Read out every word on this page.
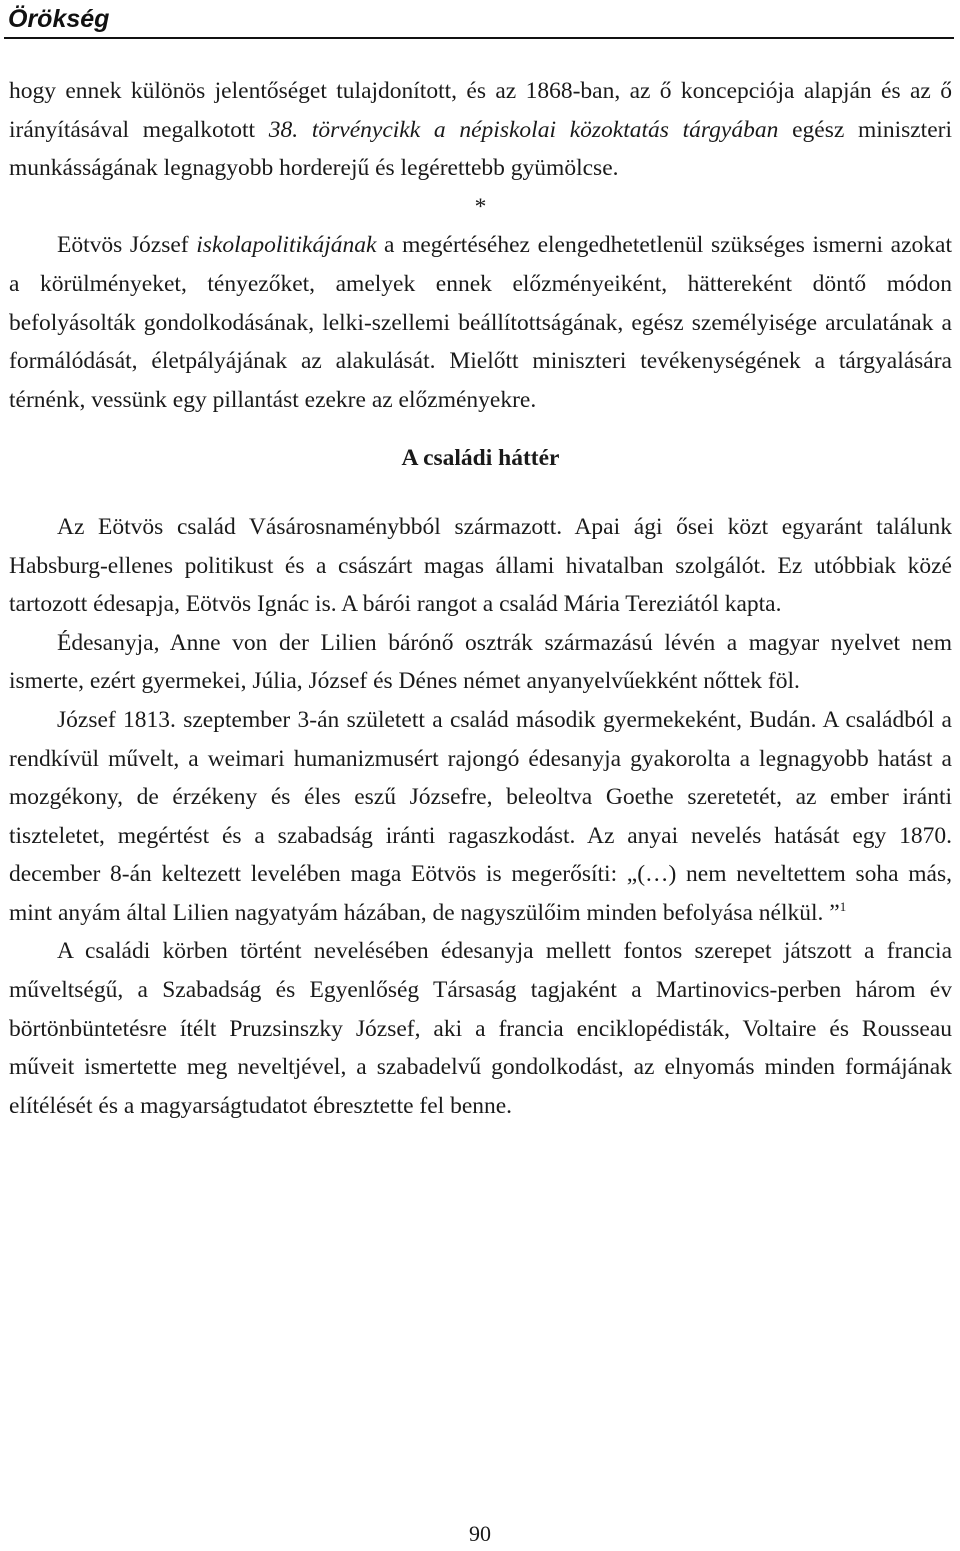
Örökség

hogy ennek különös jelentőséget tulajdonított, és az 1868-ban, az ő koncepciója alapján és az ő irányításával megalkotott 38. törvénycikk a népiskolai közoktatás tárgyában egész miniszteri munkásságának legnagyobb horderejű és legérettebb gyümölcse.

*

Eötvös József iskolapolitikájának a megértéséhez elengedhetetlenül szükséges ismerni azokat a körülményeket, tényezőket, amelyek ennek előzményeiként, hättereként döntő módon befolyásolták gondolkodásának, lelki-szellemi beállítottságának, egész személyisége arculatának a formálódását, életpályájának az alakulását. Mielőtt miniszteri tevékenységének a tárgyalására térnénk, vessünk egy pillantást ezekre az előzményekre.

A családi háttér

Az Eötvös család Vásárosnaménybból származott. Apai ági ősei közt egyaránt találunk Habsburg-ellenes politikust és a császárt magas állami hivatalban szolgálót. Ez utóbbiak közé tartozott édesapja, Eötvös Ignác is. A bárói rangot a család Mária Tereziától kapta.

Édesanyja, Anne von der Lilien bárónő osztrák származású lévén a magyar nyelvet nem ismerte, ezért gyermekei, Júlia, József és Dénes német anyanyelvűekként nőttek föl.

József 1813. szeptember 3-án született a család második gyermekeként, Budán. A családból a rendkívül művelt, a weimari humanizmusért rajongó édesanyja gyakorolta a legnagyobb hatást a mozgékony, de érzékeny és éles eszű Józsefre, beleoltva Goethe szeretetét, az ember iránti tiszteletet, megértést és a szabadság iránti ragaszkodást. Az anyai nevelés hatását egy 1870. december 8-án keltezett levelében maga Eötvös is megerősíti: „(…) nem neveltettem soha más, mint anyám által Lilien nagyatyám házában, de nagyszülőim minden befolyása nélkül. ”$^1$

A családi körben történt nevelésében édesanyja mellett fontos szerepet játszott a francia műveltségű, a Szabadság és Egyenlőség Társaság tagjaként a Martinovics-perben három év börtönbüntetésre ítélt Pruzsinszky József, aki a francia enciklopédisták, Voltaire és Rousseau műveit ismertette meg neveltjével, a szabadelvű gondolkodást, az elnyomás minden formájának elítélését és a magyarságtudatot ébresztette fel benne.

90
